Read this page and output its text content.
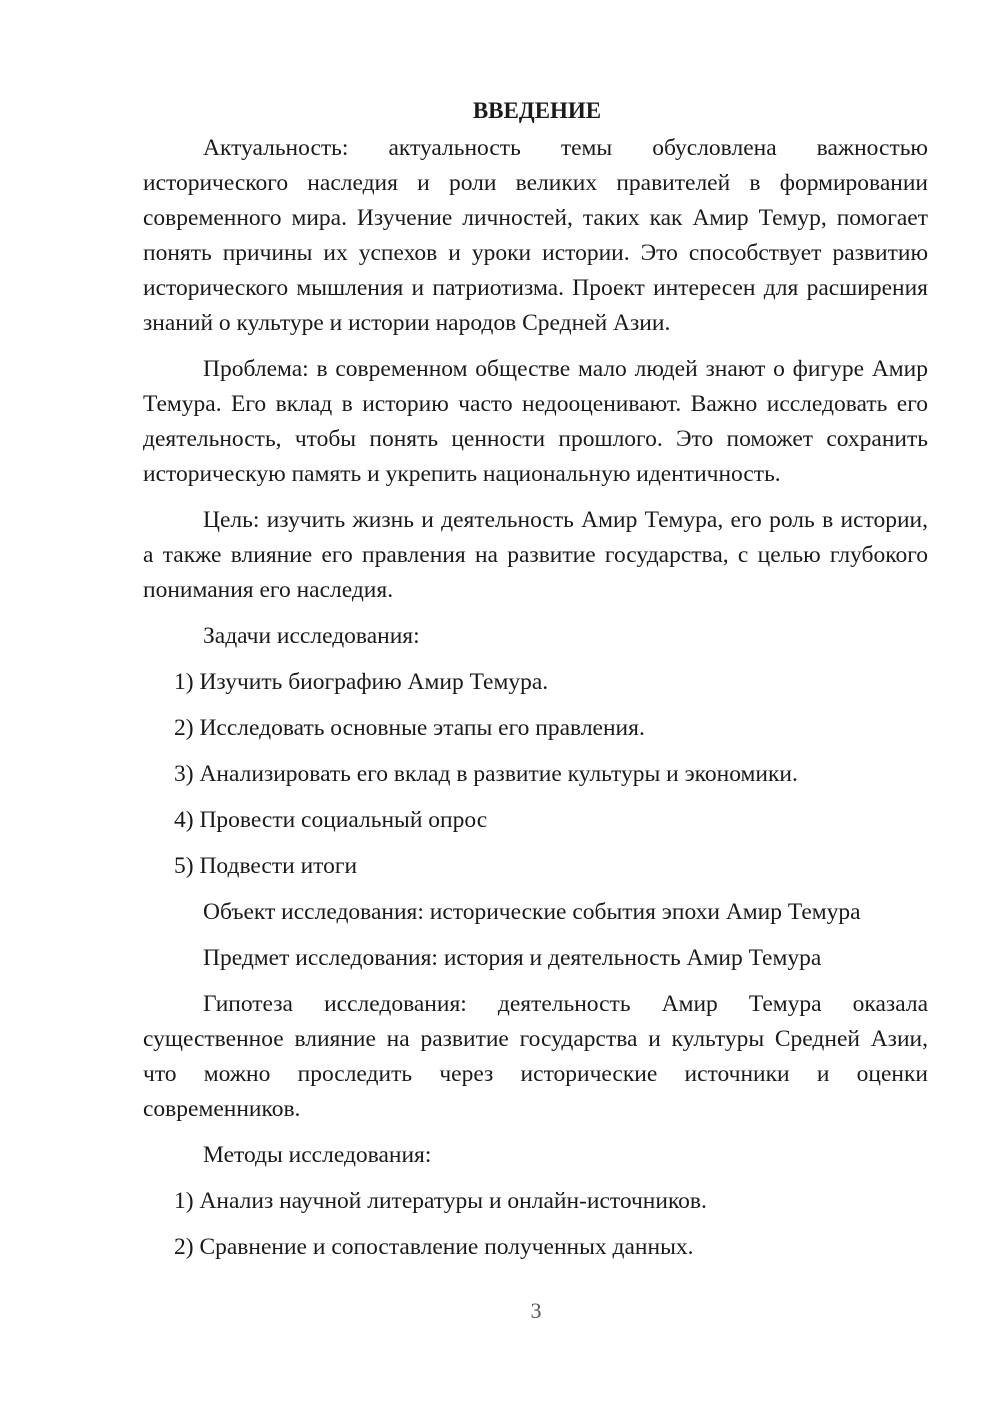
ВВЕДЕНИЕ

Актуальность: актуальность темы обусловлена важностью исторического наследия и роли великих правителей в формировании современного мира. Изучение личностей, таких как Амир Темур, помогает понять причины их успехов и уроки истории. Это способствует развитию исторического мышления и патриотизма. Проект интересен для расширения знаний о культуре и истории народов Средней Азии.

Проблема: в современном обществе мало людей знают о фигуре Амир Темура. Его вклад в историю часто недооценивают. Важно исследовать его деятельность, чтобы понять ценности прошлого. Это поможет сохранить историческую память и укрепить национальную идентичность.

Цель: изучить жизнь и деятельность Амир Темура, его роль в истории, а также влияние его правления на развитие государства, с целью глубокого понимания его наследия.

Задачи исследования:
1) Изучить биографию Амир Темура.
2) Исследовать основные этапы его правления.
3) Анализировать его вклад в развитие культуры и экономики.
4) Провести социальный опрос
5) Подвести итоги
Объект исследования: исторические события эпохи Амир Темура
Предмет исследования: история и деятельность Амир Темура

Гипотеза исследования: деятельность Амир Темура оказала существенное влияние на развитие государства и культуры Средней Азии, что можно проследить через исторические источники и оценки современников.

Методы исследования:
1) Анализ научной литературы и онлайн-источников.
2) Сравнение и сопоставление полученных данных.
3
